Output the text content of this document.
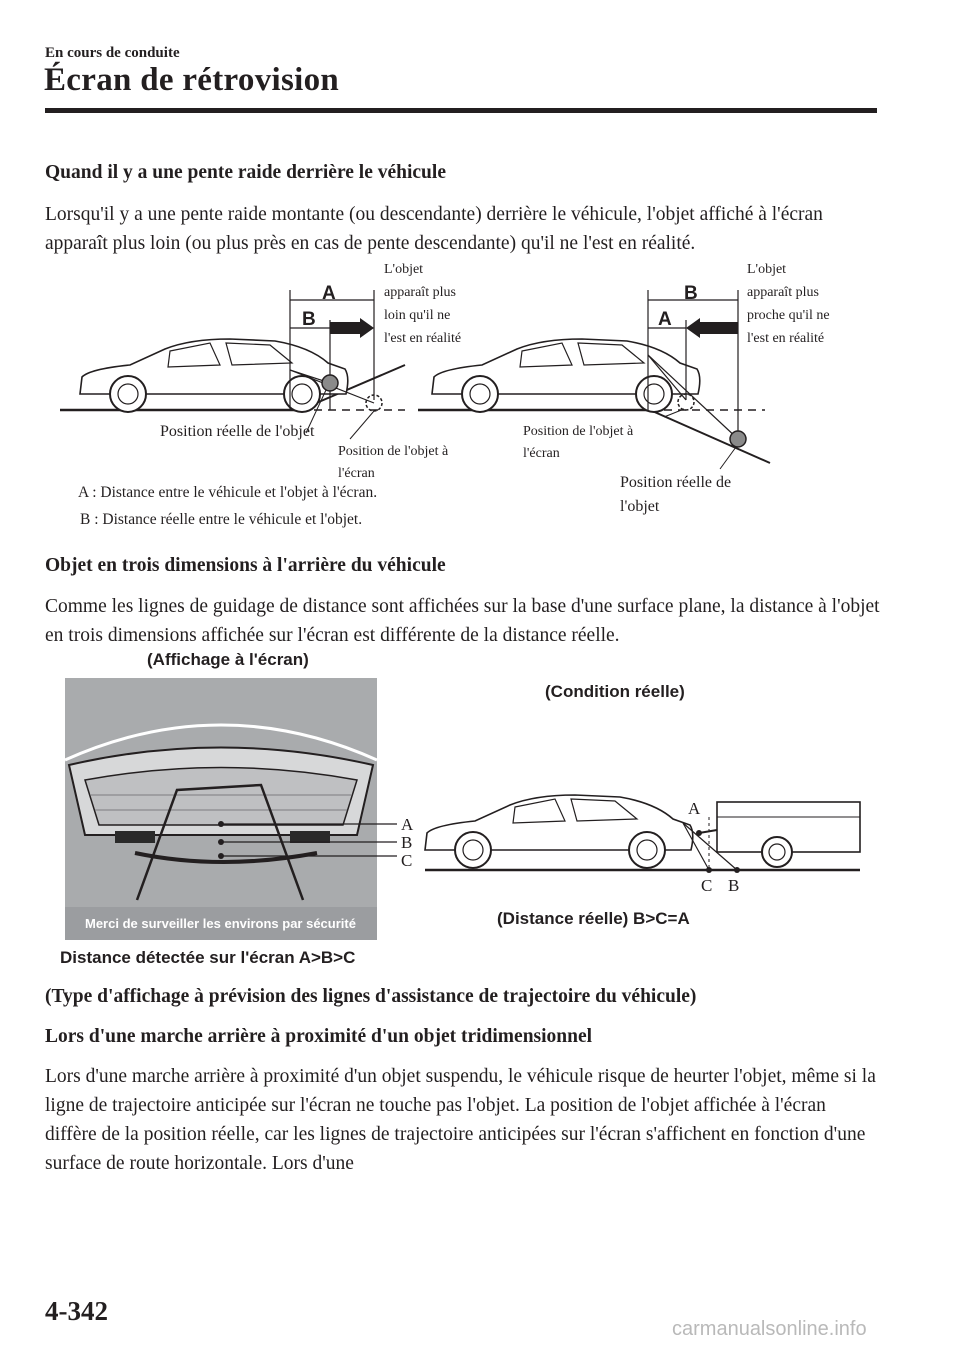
En cours de conduite
Écran de rétrovision
Quand il y a une pente raide derrière le véhicule
Lorsqu'il y a une pente raide montante (ou descendante) derrière le véhicule, l'objet affiché à l'écran apparaît plus loin (ou plus près en cas de pente descendante) qu'il ne l'est en réalité.
A
B
L'objet
apparaît plus
loin qu'il ne
l'est en réalité
Position réelle de l'objet
Position de l'objet à
l'écran
A : Distance entre le véhicule et l'objet à l'écran.
B : Distance réelle entre le véhicule et l'objet.
B
A
L'objet
apparaît plus
proche qu'il ne
l'est en réalité
Position de l'objet à
l'écran
Position réelle de
l'objet
Objet en trois dimensions à l'arrière du véhicule
Comme les lignes de guidage de distance sont affichées sur la base d'une surface plane, la distance à l'objet en trois dimensions affichée sur l'écran est différente de la distance réelle.
(Affichage à l'écran)
Merci de surveiller les environs par sécurité
A
B
C
Distance détectée sur l'écran A>B>C
(Condition réelle)
A
C B
(Distance réelle) B>C=A
(Type d'affichage à prévision des lignes d'assistance de trajectoire du véhicule)
Lors d'une marche arrière à proximité d'un objet tridimensionnel
Lors d'une marche arrière à proximité d'un objet suspendu, le véhicule risque de heurter l'objet, même si la ligne de trajectoire anticipée sur l'écran ne touche pas l'objet. La position de l'objet affichée à l'écran diffère de la position réelle, car les lignes de trajectoire anticipées sur l'écran s'affichent en fonction d'une surface de route horizontale. Lors d'une
4-342
carmanualsonline.info
